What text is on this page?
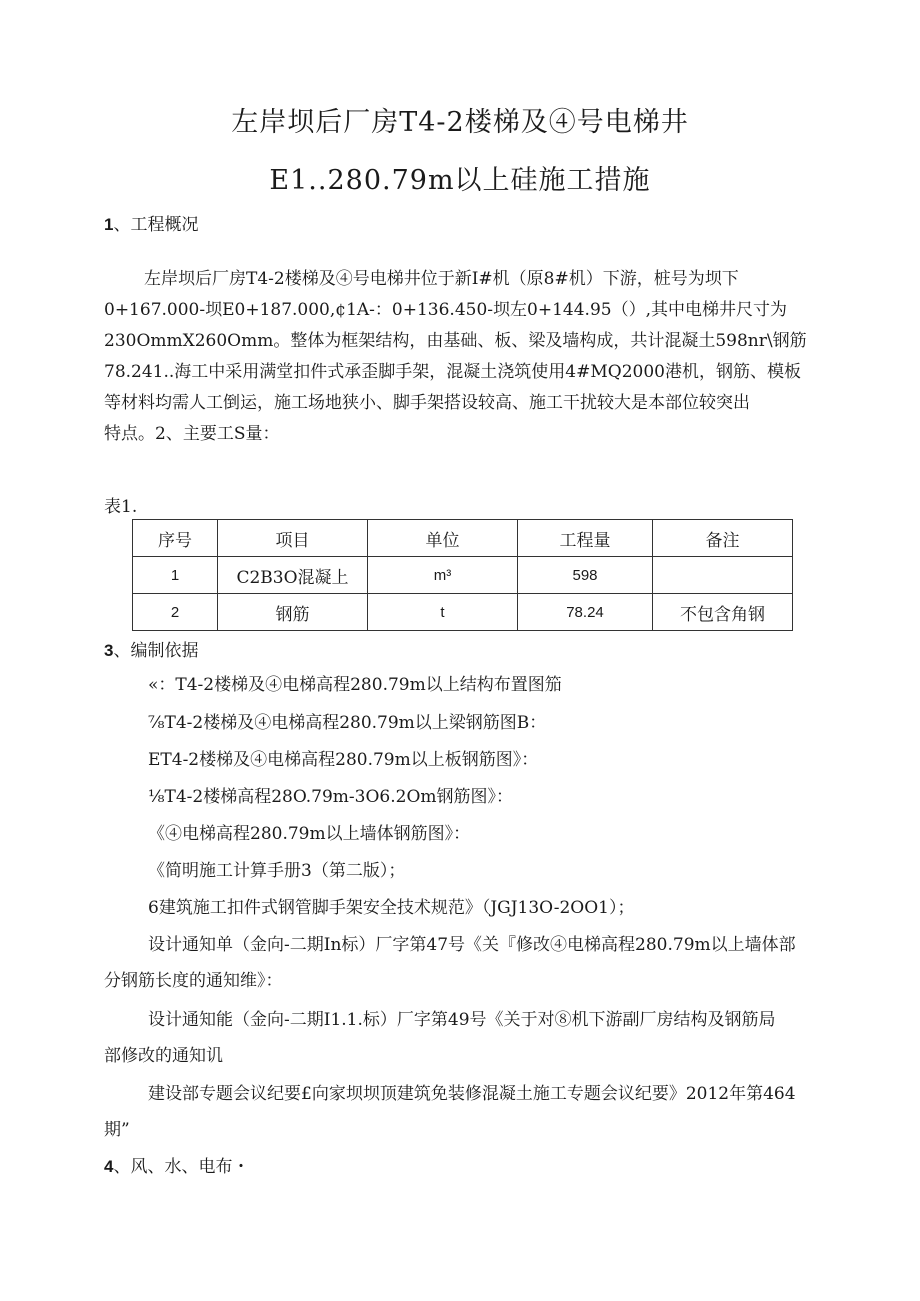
左岸坝后厂房T4-2楼梯及④号电梯井
E1..280.79m以上硅施工措施
1、工程概况
左岸坝后厂房T4-2楼梯及④号电梯井位于新I#机（原8#机）下游，桩号为坝下
0+167.000-坝E0+187.000,¢1A-：0+136.450-坝左0+144.95（）,其中电梯井尺寸为
230OmmX260Omm。整体为框架结构，由基础、板、梁及墙构成，共计混凝土598nr\钢筋
78.241..海工中采用满堂扣件式承歪脚手架，混凝土浇筑使用4#MQ2000港机，钢筋、模板
等材料均需人工倒运，施工场地狭小、脚手架搭设较高、施工干扰较大是本部位较突出
特点。2、主要工S量：
表1.
序号	项目	单位	工程量	备注
1	C2B3O混凝上	m³	598	
2	钢筋	t	78.24	不包含角钢
3、编制依据
«：T4-2楼梯及④电梯高程280.79m以上结构布置图笳
⅞T4-2楼梯及④电梯高程280.79m以上梁钢筋图B：
ET4-2楼梯及④电梯高程280.79m以上板钢筋图》：
⅛T4-2楼梯高程28O.79m-3O6.2Om钢筋图》：
《④电梯高程280.79m以上墙体钢筋图》：
《简明施工计算手册3（第二版）；
6建筑施工扣件式钢管脚手架安全技术规范》（JGJ13O-2OO1）；
设计通知单（金向-二期In标）厂字第47号《关『修改④电梯高程280.79m以上墙体部
分钢筋长度的通知维》：
设计通知能（金向-二期I1.1.标）厂字第49号《关于对⑧机下游副厂房结构及钢筋局
部修改的通知讥
建设部专题会议纪要£向家坝坝顶建筑免装修混凝土施工专题会议纪要》2012年第464
期”
4、风、水、电布・
